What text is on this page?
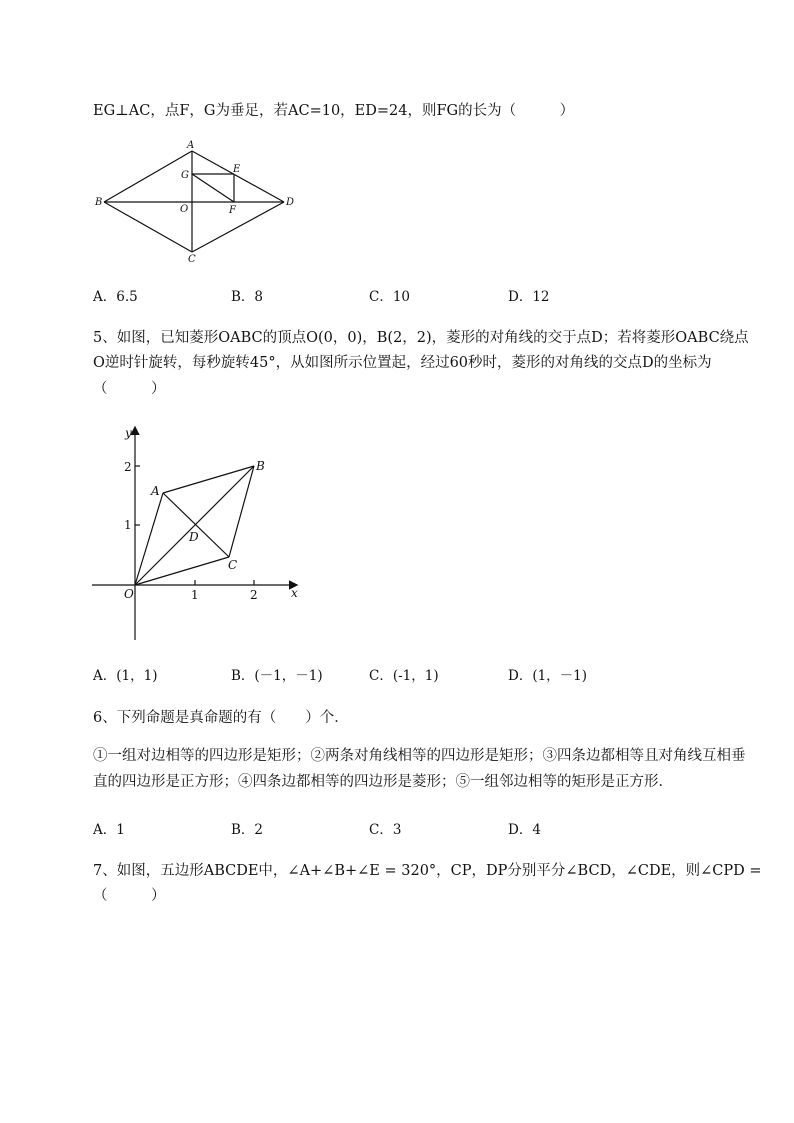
EG⊥AC，点F，G为垂足，若AC=10，ED=24，则FG的长为（　　　）
A
B
C
D
E
F
G
O
A．6.5	B．8	C．10	D．12
5、如图，已知菱形OABC的顶点O(0，0)，B(2，2)，菱形的对角线的交于点D；若将菱形OABC绕点
O逆时针旋转，每秒旋转45°，从如图所示位置起，经过60秒时，菱形的对角线的交点D的坐标为
（　　　）
1
2
1	2
y
x
O
A
B
C
D
A．(1，1)	B．(－1，－1)	C．(-1，1)	D．(1，－1)
6、下列命题是真命题的有（　　）个．
①一组对边相等的四边形是矩形；②两条对角线相等的四边形是矩形；③四条边都相等且对角线互相垂直的四边形是正方形；④四条边都相等的四边形是菱形；⑤一组邻边相等的矩形是正方形．
A．1	B．2	C．3	D．4
7、如图，五边形ABCDE中，∠A+∠B+∠E = 320°，CP，DP分别平分∠BCD，∠CDE，则∠CPD =
（　　　）
